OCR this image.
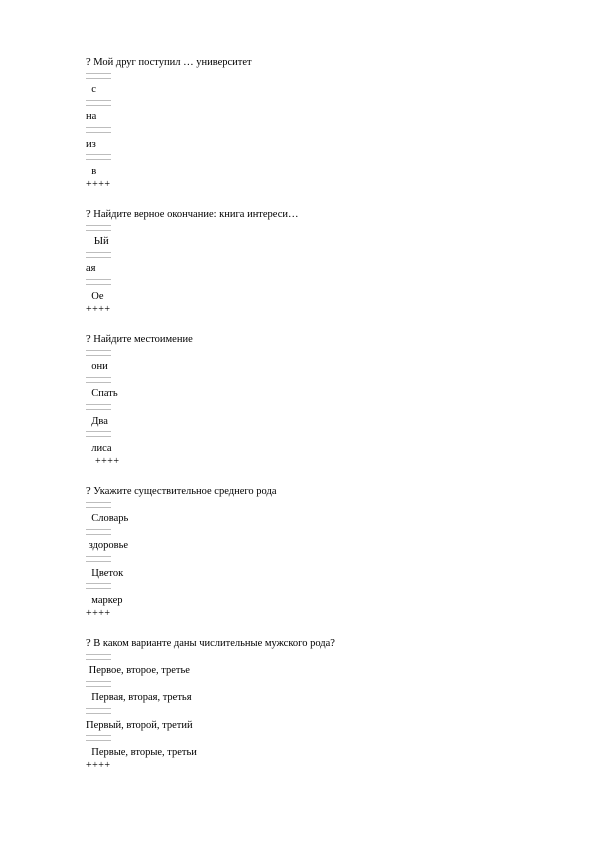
? Мой друг поступил … университет
с
на
из
в
++++
? Найдите верное окончание: книга интереси…
Ый
ая
Ое
++++
? Найдите местоимение
они
Спать
Два
лиса
++++
? Укажите существительное среднего рода
Словарь
здоровье
Цветок
маркер
++++
? В каком варианте даны числительные мужского рода?
Первое, второе, третье
Первая, вторая, третья
Первый, второй, третий
Первые, вторые, третьи
++++
